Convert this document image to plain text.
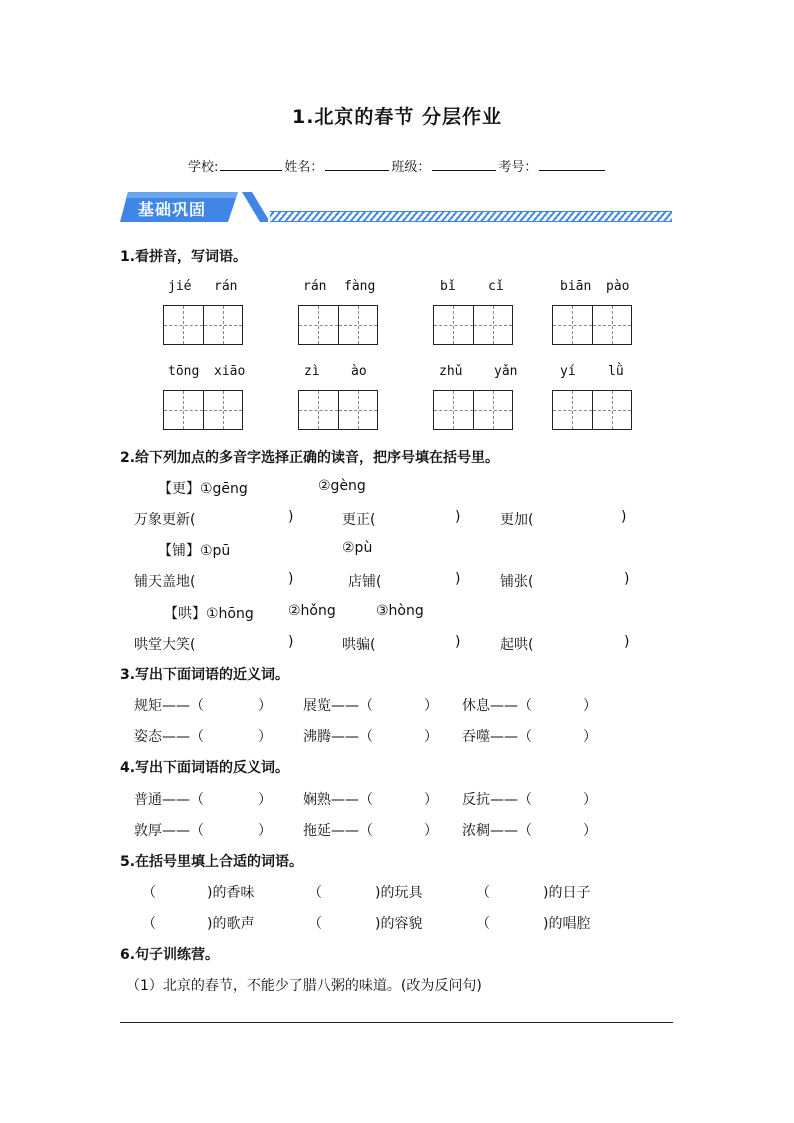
1.北京的春节 分层作业
学校:	姓名：	班级：	考号：
基础巩固
1.看拼音，写词语。
jié rán	rán fàng	bǐ cǐ	biān pào
tōng xiāo	zì ào	zhǔ yǎn	yí lǜ
2.给下列加点的多音字选择正确的读音，把序号填在括号里。
【更】①gēng	②gèng
万象更新(	)	更正(	)	更加(	)
【铺】①pū	②pù
铺天盖地(	)	店铺(	)	铺张(	)
【哄】①hōng ②hǒng	③hòng
哄堂大笑(	)	哄骗(	)	起哄(	)
3.写出下面词语的近义词。
规矩——（	） 展览——（	） 休息——（	）
姿态——（	） 沸腾——（	） 吞噬——（	）
4.写出下面词语的反义词。
普通——（	） 娴熟——（	） 反抗——（	）
敦厚——（	） 拖延——（	） 浓稠——（	）
5.在括号里填上合适的词语。
（	)的香味	（	)的玩具	（	)的日子
（	)的歌声	（	)的容貌	（	)的唱腔
6.句子训练营。
（1）北京的春节，不能少了腊八粥的味道。(改为反问句)
